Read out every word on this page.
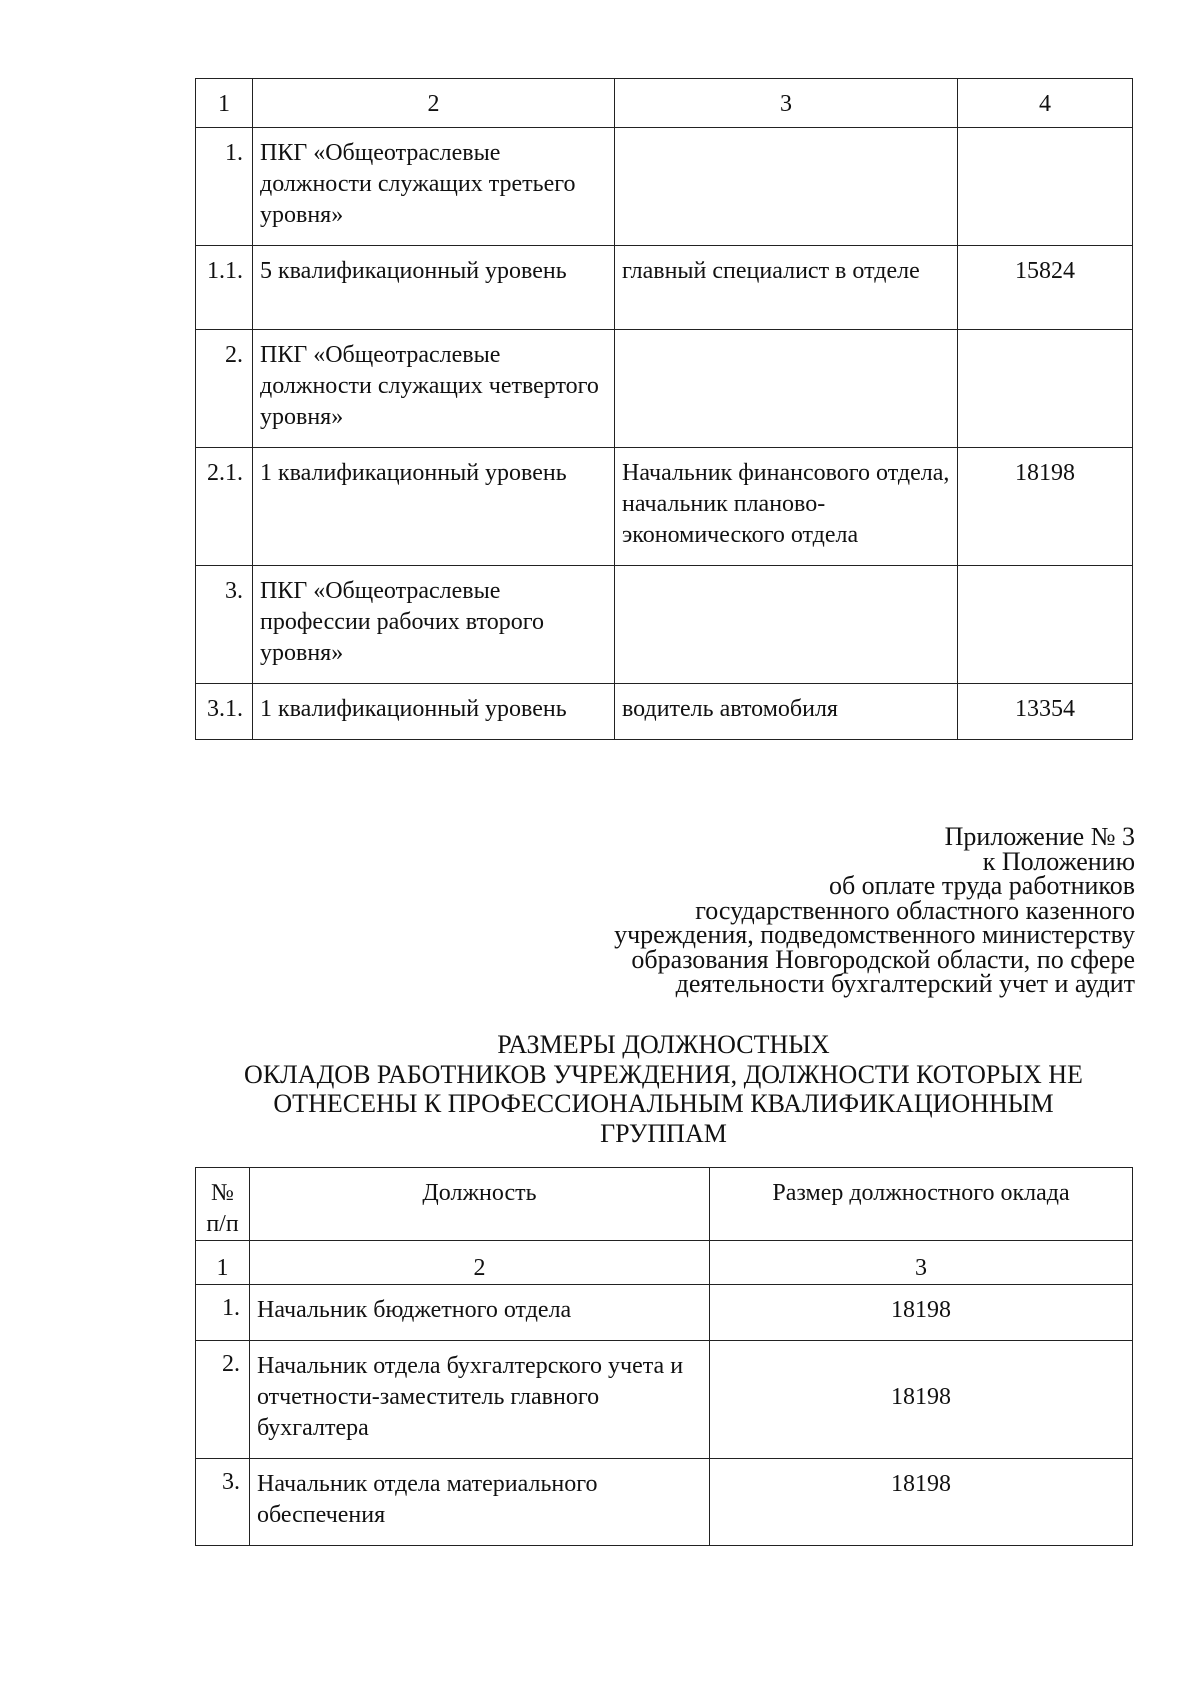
1	2	3	4
1.	ПКГ «Общеотраслевые должности служащих третьего уровня»		
1.1.	5 квалификационный уровень	главный специалист в отделе	15824
2.	ПКГ «Общеотраслевые должности служащих четвертого уровня»		
2.1.	1 квалификационный уровень	Начальник финансового отдела, начальник планово-экономического отдела	18198
3.	ПКГ «Общеотраслевые профессии рабочих второго уровня»		
3.1.	1 квалификационный уровень	водитель автомобиля	13354
Приложение № 3
к Положению
об оплате труда работников
государственного областного казенного
учреждения, подведомственного министерству
образования Новгородской области, по сфере
деятельности бухгалтерский учет и аудит
РАЗМЕРЫ ДОЛЖНОСТНЫХ
ОКЛАДОВ РАБОТНИКОВ УЧРЕЖДЕНИЯ, ДОЛЖНОСТИ КОТОРЫХ НЕ
ОТНЕСЕНЫ К ПРОФЕССИОНАЛЬНЫМ КВАЛИФИКАЦИОННЫМ
ГРУППАМ
№
п/п	Должность	Размер должностного оклада
1	2	3
1.	Начальник бюджетного отдела	18198
2.	Начальник отдела бухгалтерского учета и отчетности-заместитель главного бухгалтера	18198
3.	Начальник отдела материального обеспечения	18198
